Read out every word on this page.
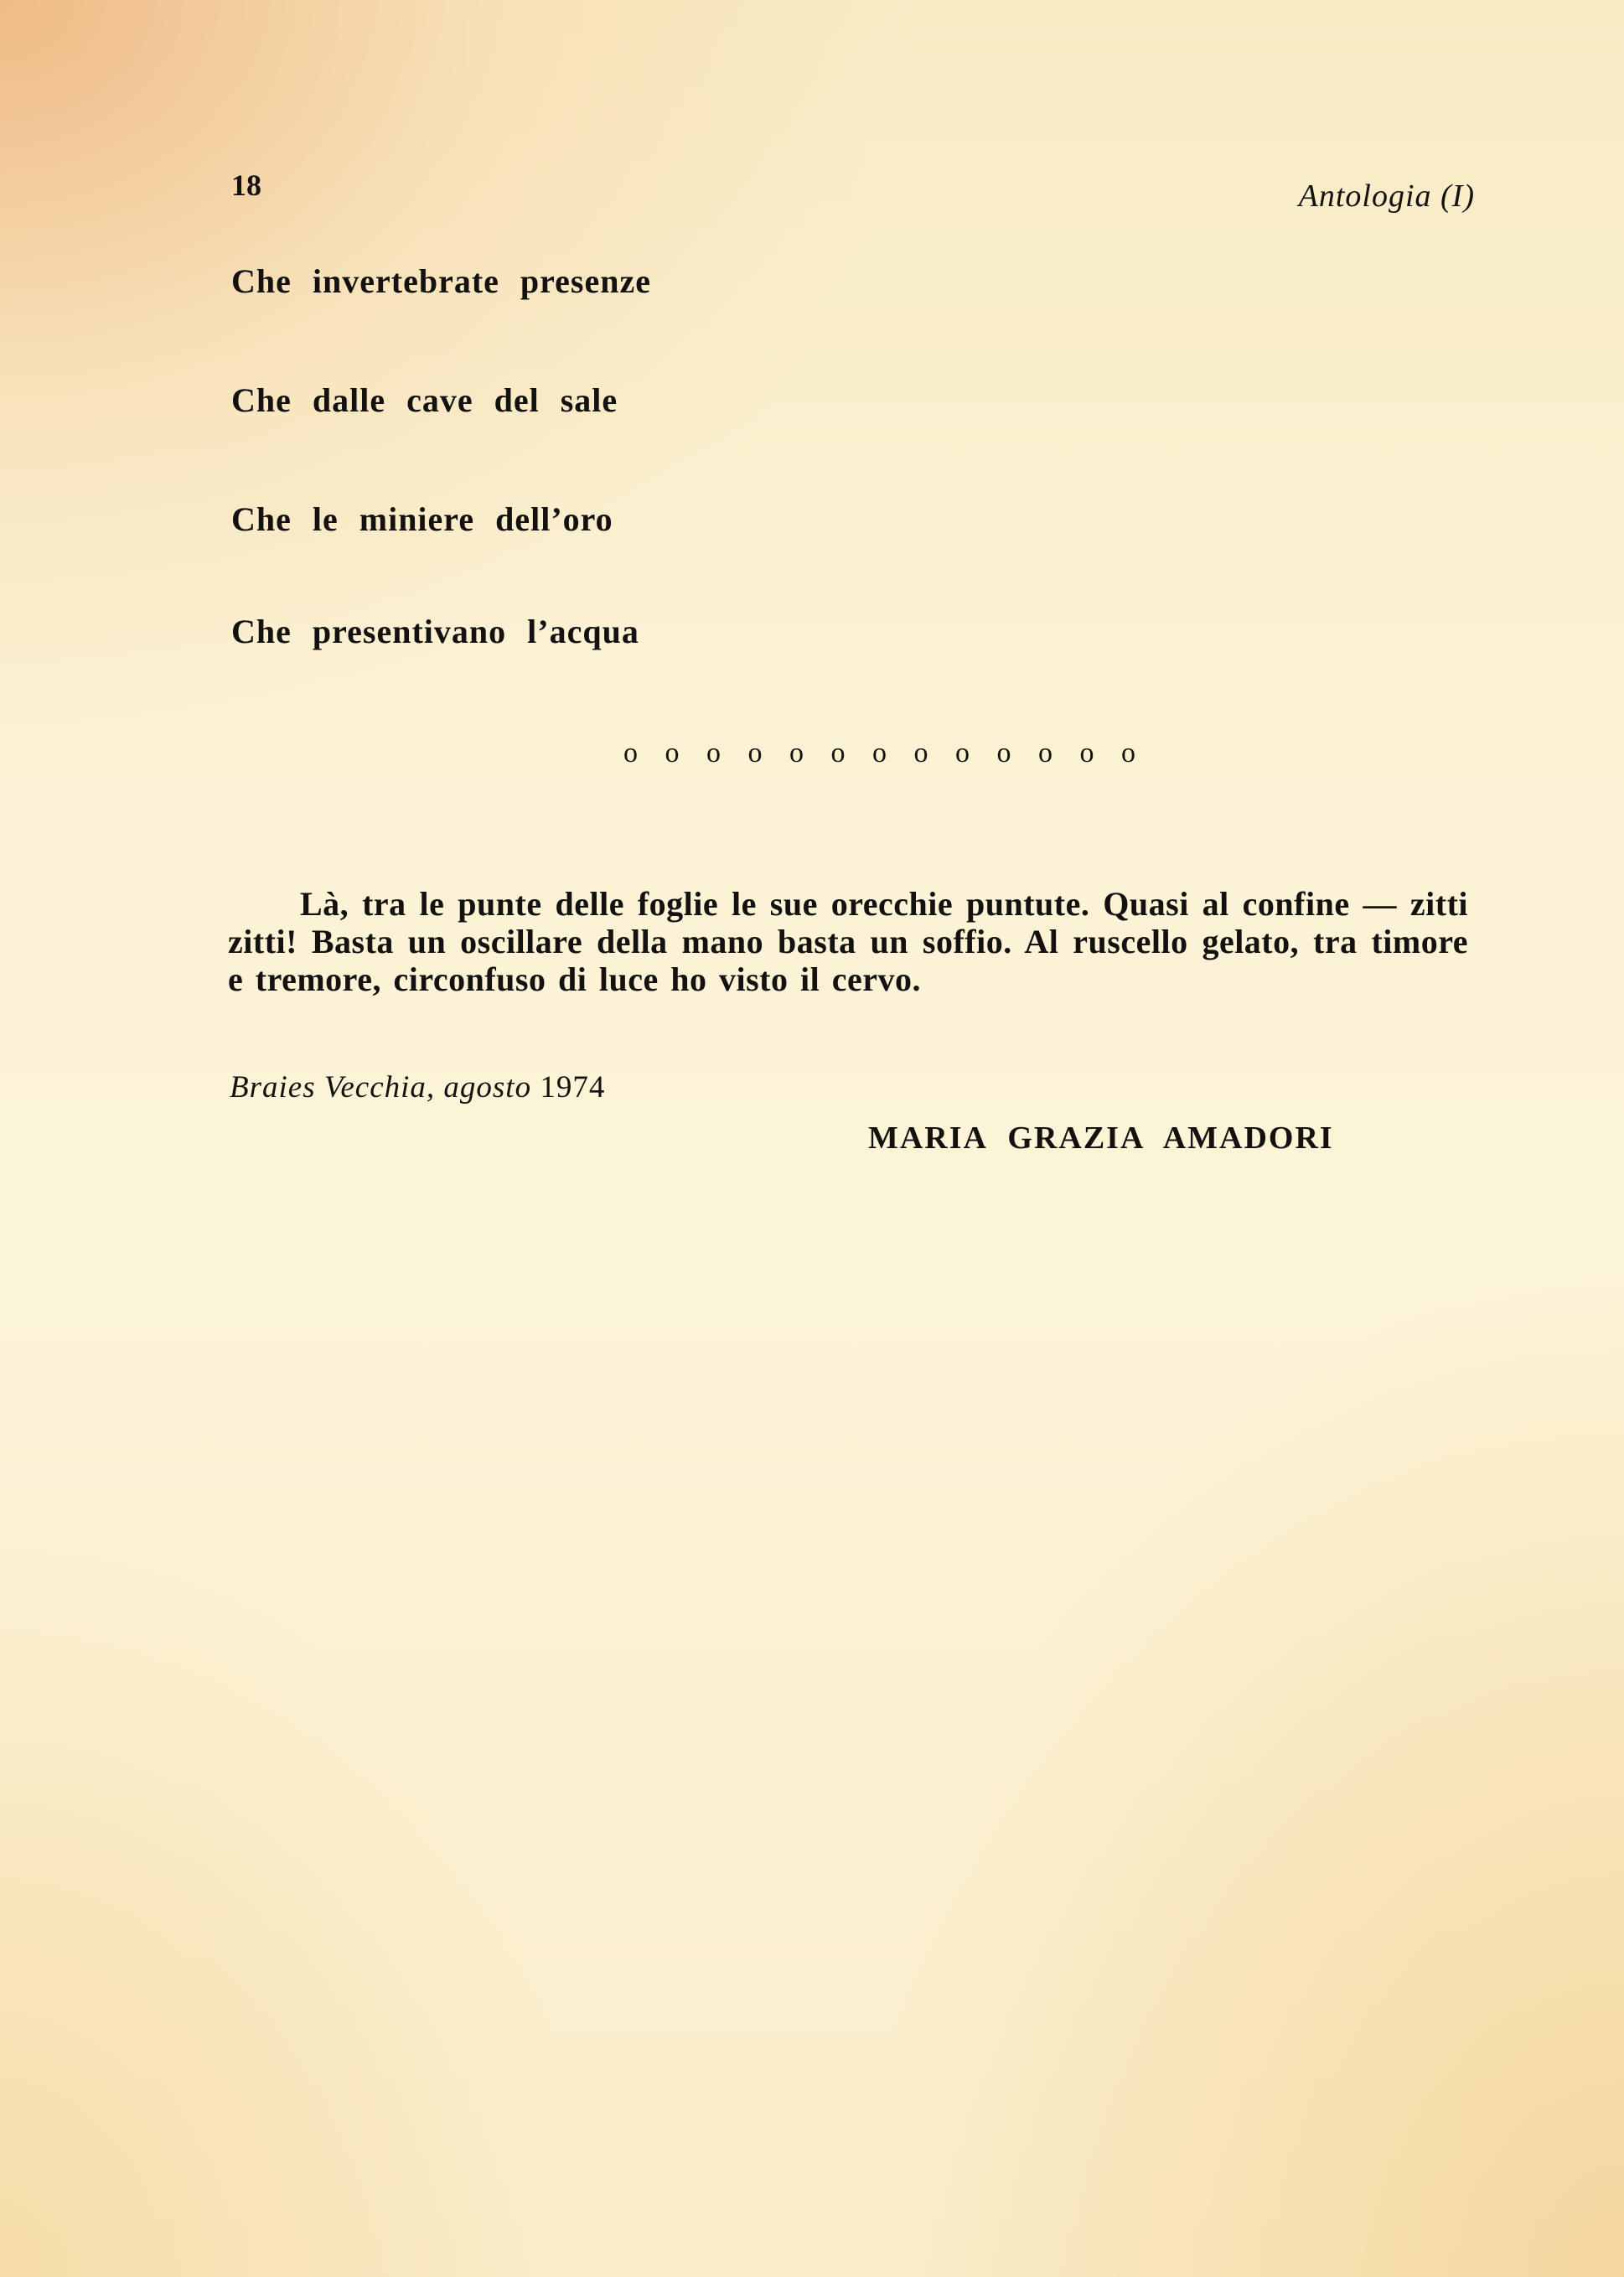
18	Antologia (I)
Che invertebrate presenze
Che dalle cave del sale
Che le miniere dell’oro
Che presentivano l’acqua
o o o o o o o o o o o o o

Là, tra le punte delle foglie le sue orecchie puntute. Quasi al confine — zitti zitti! Basta un oscillare della mano basta un soffio. Al ruscello gelato, tra timore e tremore, circonfuso di luce ho visto il cervo.

Braies Vecchia, agosto 1974
MARIA GRAZIA AMADORI
